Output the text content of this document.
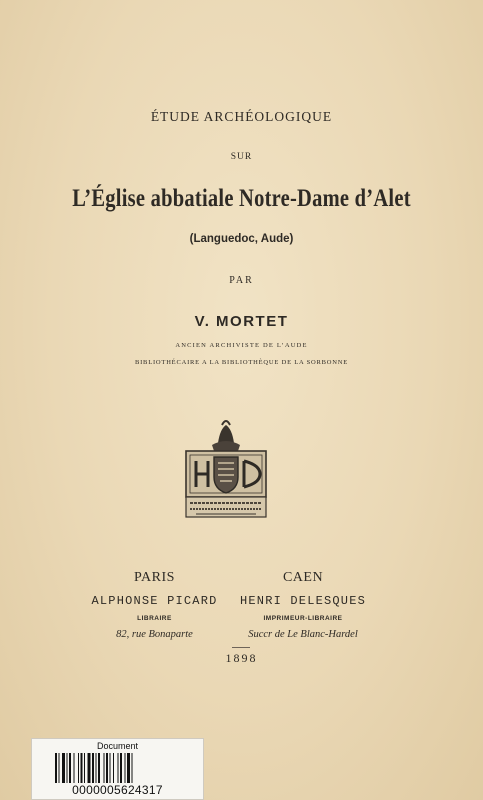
ÉTUDE ARCHÉOLOGIQUE
SUR
L’Église abbatiale Notre-Dame d’Alet
(Languedoc, Aude)
PAR
V. MORTET
ANCIEN ARCHIVISTE DE L’AUDE
BIBLIOTHÉCAIRE A LA BIBLIOTHÈQUE DE LA SORBONNE
PARIS	CAEN
ALPHONSE PICARD	HENRI DELESQUES
LIBRAIRE	IMPRIMEUR-LIBRAIRE
82, rue Bonaparte	Succr de Le Blanc-Hardel
1898
Document
0000005624317
